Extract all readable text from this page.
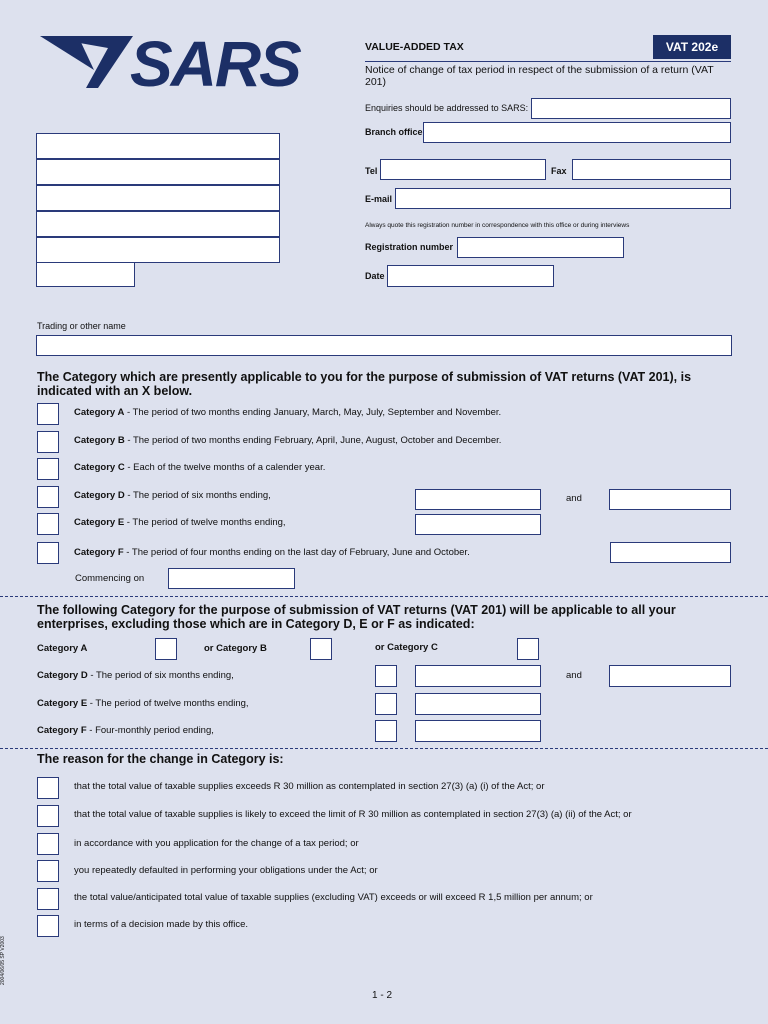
SARS	VALUE-ADDED TAX	VAT 202e
Notice of change of tax period in respect of the submission of a return (VAT 201)
Enquiries should be addressed to SARS:
Branch office
Tel	Fax
E-mail
Always quote this registration number in correspondence with this office or during interviews
Registration number
Date
Trading or other name
The Category which are presently applicable to you for the purpose of submission of VAT returns (VAT 201), is indicated with an X below.
Category A - The period of two months ending January, March, May, July, September and November.
Category B - The period of two months ending February, April, June, August, October and December.
Category C - Each of the twelve months of a calender year.
Category D - The period of six months ending,	and
Category E - The period of twelve months ending,
Category F - The period of four months ending on the last day of February, June and October.
Commencing on
The following Category for the purpose of submission of VAT returns (VAT 201) will be applicable to all your enterprises, excluding those which are in Category D, E or F as indicated:
Category A	or Category B	or Category C
Category D - The period of six months ending,	and
Category E - The period of twelve months ending,
Category F - Four-monthly period ending,
The reason for the change in Category is:
that the total value of taxable supplies exceeds R 30 million as contemplated in section 27(3) (a) (i) of the Act; or
that the total value of taxable supplies is likely to exceed the limit of R 30 million as contemplated in section 27(3) (a) (ii) of the Act; or
in accordance with you application for the change of a tax period; or
you repeatedly defaulted in performing your obligations under the Act; or
the total value/anticipated total value of taxable supplies (excluding VAT) exceeds or will exceed R 1,5 million per annum; or
in terms of a decision made by this office.
2004/06/05 SP V2003
1 - 2
